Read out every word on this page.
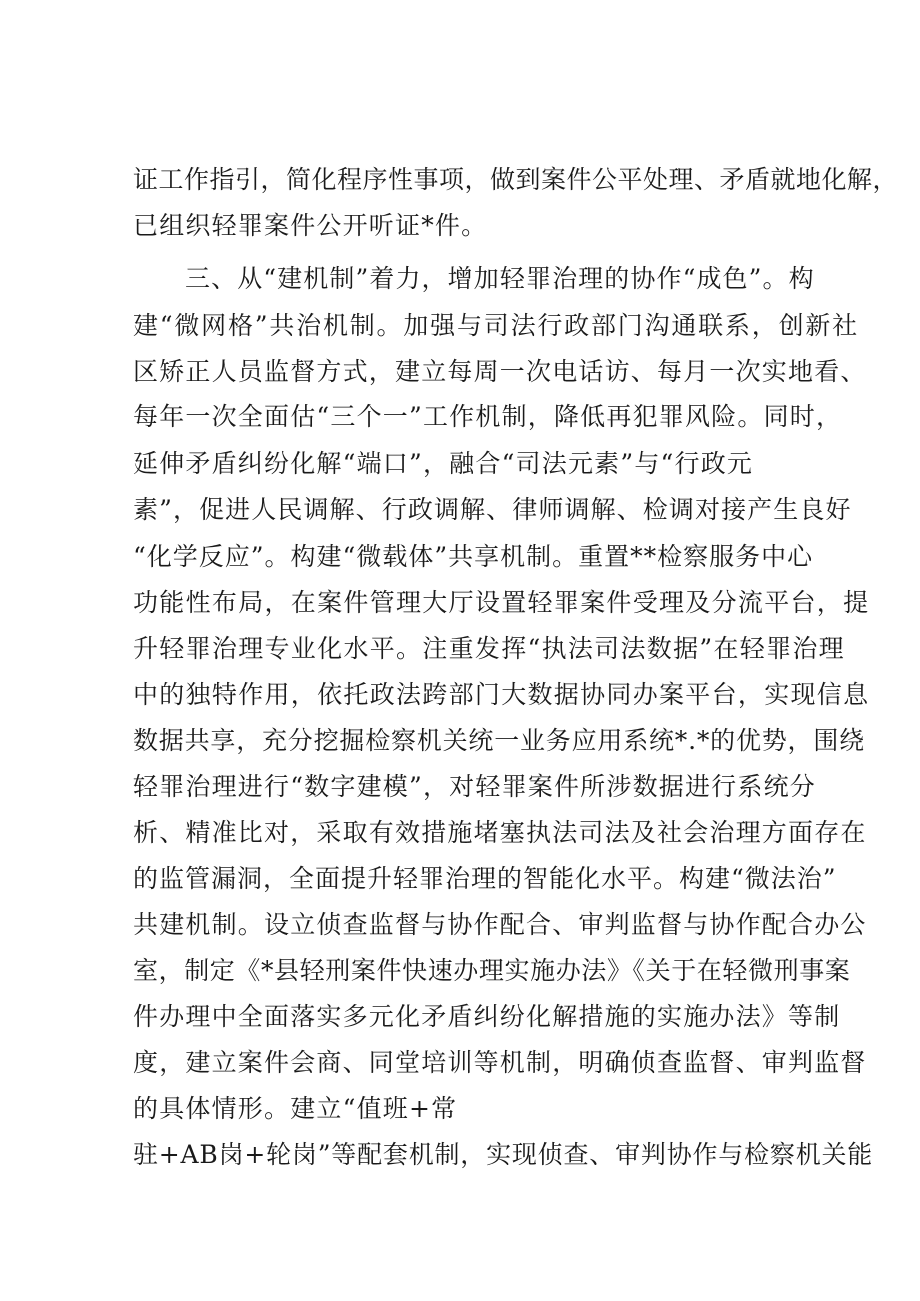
证工作指引，简化程序性事项，做到案件公平处理、矛盾就地化解，
已组织轻罪案件公开听证*件。
三、从“建机制”着力，增加轻罪治理的协作“成色”。构
建“微网格”共治机制。加强与司法行政部门沟通联系，创新社
区矫正人员监督方式，建立每周一次电话访、每月一次实地看、
每年一次全面估“三个一”工作机制，降低再犯罪风险。同时，
延伸矛盾纠纷化解“端口”，融合“司法元素”与“行政元
素”，促进人民调解、行政调解、律师调解、检调对接产生良好
“化学反应”。构建“微载体”共享机制。重置**检察服务中心
功能性布局，在案件管理大厅设置轻罪案件受理及分流平台，提
升轻罪治理专业化水平。注重发挥“执法司法数据”在轻罪治理
中的独特作用，依托政法跨部门大数据协同办案平台，实现信息
数据共享，充分挖掘检察机关统一业务应用系统*.*的优势，围绕
轻罪治理进行“数字建模”，对轻罪案件所涉数据进行系统分
析、精准比对，采取有效措施堵塞执法司法及社会治理方面存在
的监管漏洞，全面提升轻罪治理的智能化水平。构建“微法治”
共建机制。设立侦查监督与协作配合、审判监督与协作配合办公
室，制定《*县轻刑案件快速办理实施办法》《关于在轻微刑事案
件办理中全面落实多元化矛盾纠纷化解措施的实施办法》等制
度，建立案件会商、同堂培训等机制，明确侦查监督、审判监督
的具体情形。建立“值班+常
驻+AB岗+轮岗”等配套机制，实现侦查、审判协作与检察机关能
